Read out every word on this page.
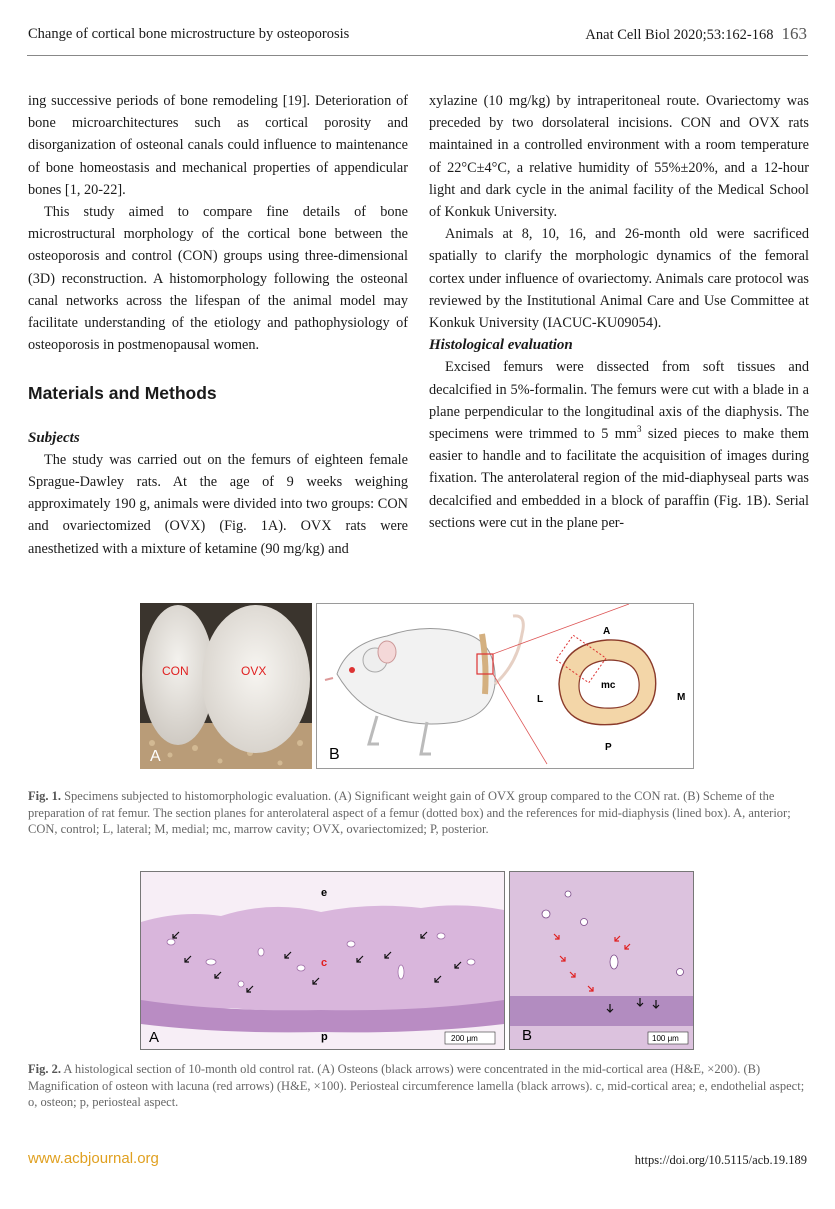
Change of cortical bone microstructure by osteoporosis	Anat Cell Biol 2020;53:162-168 163

ing successive periods of bone remodeling [19]. Deterioration of bone microarchitectures such as cortical porosity and disorganization of osteonal canals could influence to maintenance of bone homeostasis and mechanical properties of appendicular bones [1, 20-22].

This study aimed to compare fine details of bone microstructural morphology of the cortical bone between the osteoporosis and control (CON) groups using three-dimensional (3D) reconstruction. A histomorphology following the osteonal canal networks across the lifespan of the animal model may facilitate understanding of the etiology and pathophysiology of osteoporosis in postmenopausal women.

Materials and Methods

Subjects

The study was carried out on the femurs of eighteen female Sprague-Dawley rats. At the age of 9 weeks weighing approximately 190 g, animals were divided into two groups: CON and ovariectomized (OVX) (Fig. 1A). OVX rats were anesthetized with a mixture of ketamine (90 mg/kg) and

xylazine (10 mg/kg) by intraperitoneal route. Ovariectomy was preceded by two dorsolateral incisions. CON and OVX rats maintained in a controlled environment with a room temperature of 22°C±4°C, a relative humidity of 55%±20%, and a 12-hour light and dark cycle in the animal facility of the Medical School of Konkuk University.

Animals at 8, 10, 16, and 26-month old were sacrificed spatially to clarify the morphologic dynamics of the femoral cortex under influence of ovariectomy. Animals care protocol was reviewed by the Institutional Animal Care and Use Committee at Konkuk University (IACUC-KU09054).

Histological evaluation

Excised femurs were dissected from soft tissues and decalcified in 5%-formalin. The femurs were cut with a blade in a plane perpendicular to the longitudinal axis of the diaphysis. The specimens were trimmed to 5 $mm^3$ sized pieces to make them easier to handle and to facilitate the acquisition of images during fixation. The anterolateral region of the mid-diaphyseal parts was decalcified and embedded in a block of paraffin (Fig. 1B). Serial sections were cut in the plane per-

CON	OVX
A
A
P
L	M
mc
B
Fig. 1. Specimens subjected to histomorphologic evaluation. (A) Significant weight gain of OVX group compared to the CON rat. (B) Scheme of the preparation of rat femur. The section planes for anterolateral aspect of a femur (dotted box) and the references for mid-diaphysis (lined box). A, anterior; CON, control; L, lateral; M, medial; mc, marrow cavity; OVX, ovariectomized; P, posterior.
e
c
p
A	200 μm	B	100 μm
Fig. 2. A histological section of 10-month old control rat. (A) Osteons (black arrows) were concentrated in the mid-cortical area (H&E, ×200). (B) Magnification of osteon with lacuna (red arrows) (H&E, ×100). Periosteal circumference lamella (black arrows). c, mid-cortical area; e, endothelial aspect; o, osteon; p, periosteal aspect.
www.acbjournal.org	https://doi.org/10.5115/acb.19.189
